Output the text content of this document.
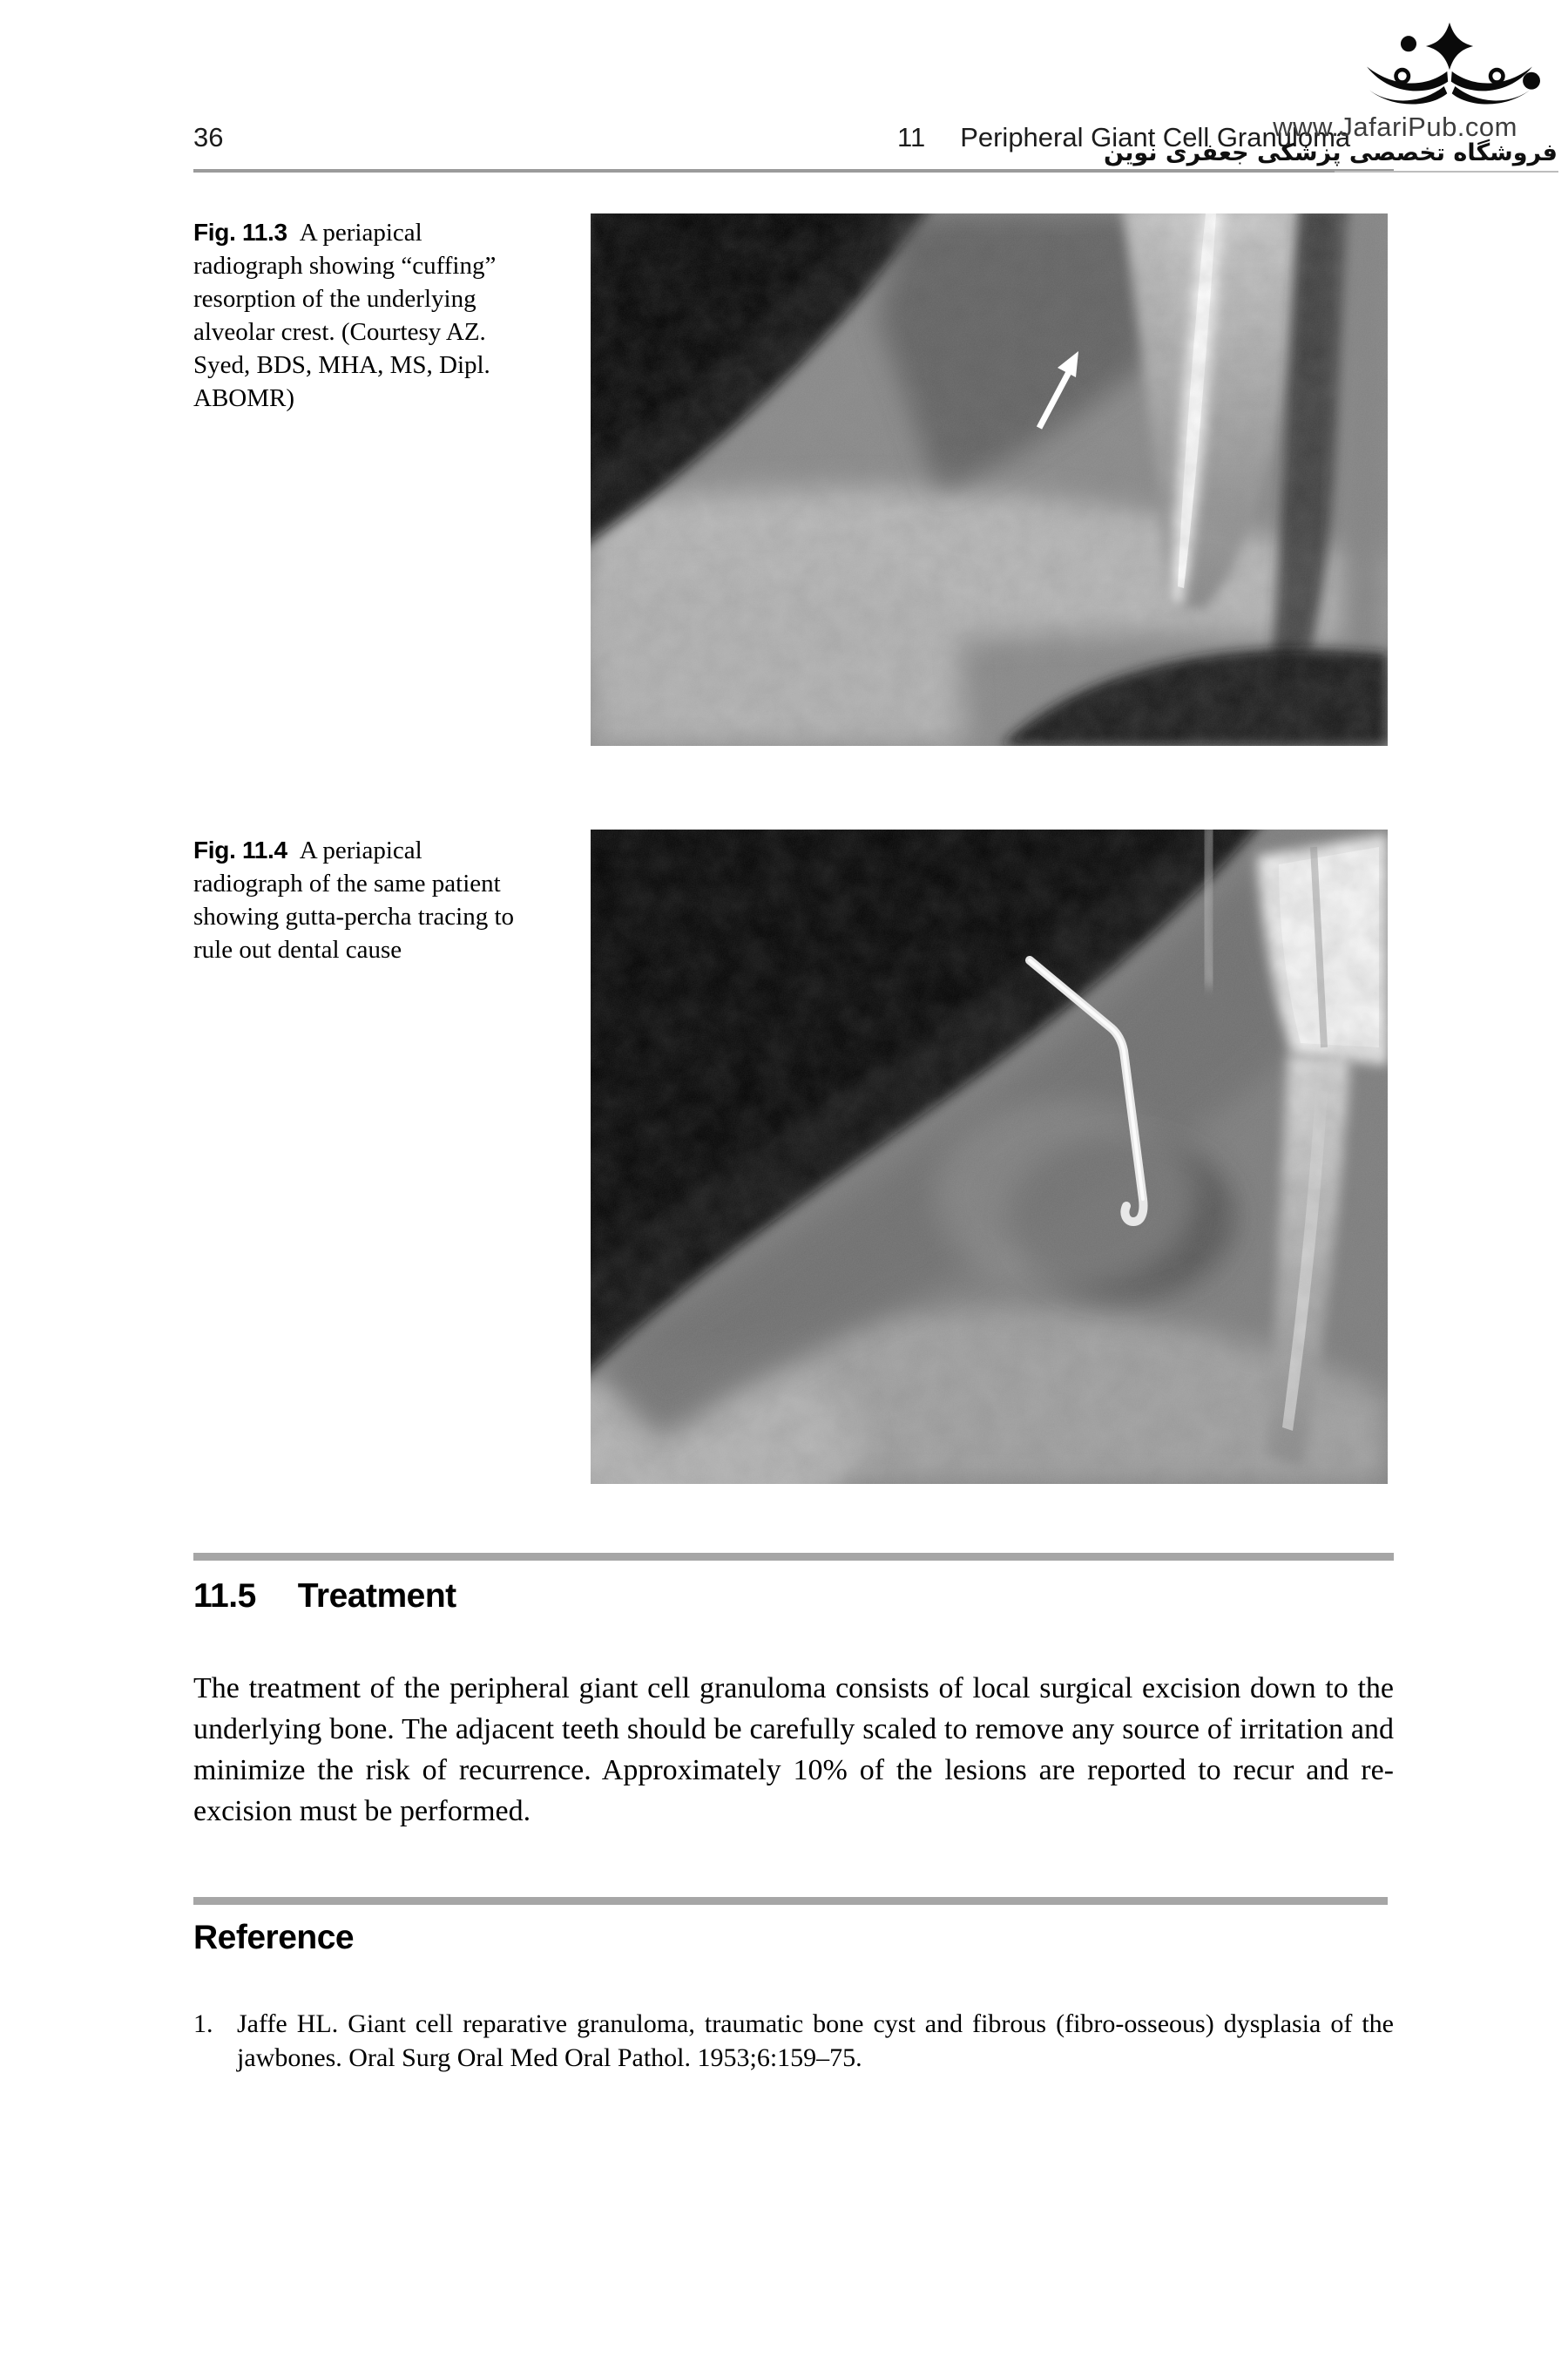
36	11 Peripheral Giant Cell Granuloma
www.JafariPub.com
فروشگاه تخصصی پزشکی جعفری نوین
Fig. 11.3 A periapical radiograph showing “cuffing” resorption of the underlying alveolar crest. (Courtesy AZ. Syed, BDS, MHA, MS, Dipl. ABOMR)
Fig. 11.4 A periapical radiograph of the same patient showing gutta-percha tracing to rule out dental cause
11.5 Treatment
The treatment of the peripheral giant cell granuloma consists of local surgical excision down to the underlying bone. The adjacent teeth should be carefully scaled to remove any source of irritation and minimize the risk of recurrence. Approximately 10% of the lesions are reported to recur and re-excision must be performed.
Reference
1. Jaffe HL. Giant cell reparative granuloma, traumatic bone cyst and fibrous (fibro-osseous) dysplasia of the jawbones. Oral Surg Oral Med Oral Pathol. 1953;6:159–75.
